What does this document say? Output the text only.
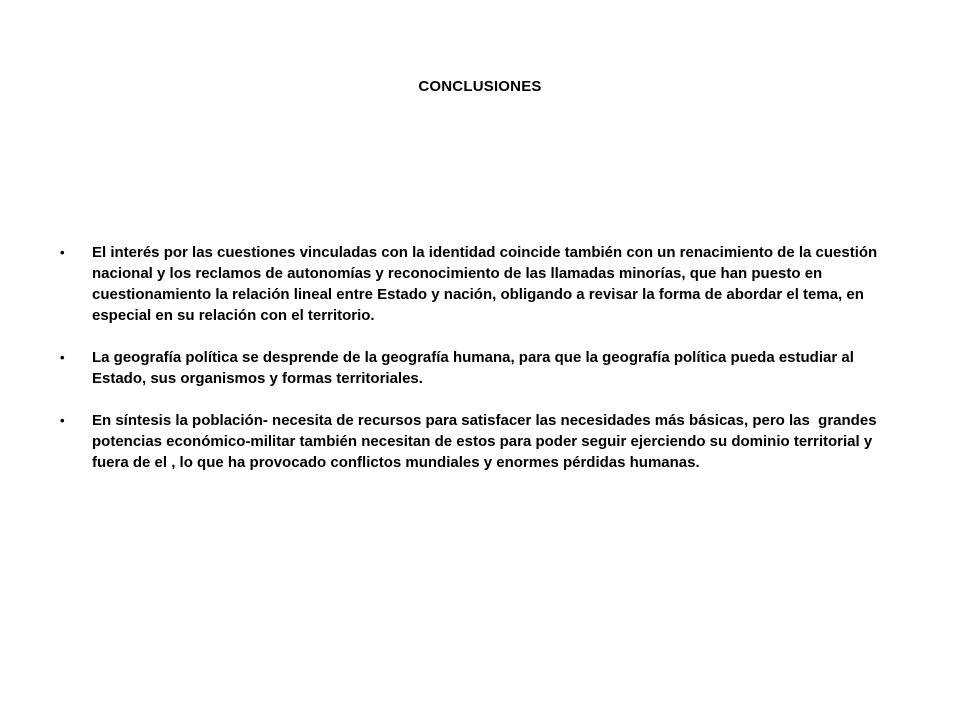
CONCLUSIONES
• El interés por las cuestiones vinculadas con la identidad coincide también con un renacimiento de la cuestión nacional y los reclamos de autonomías y reconocimiento de las llamadas minorías, que han puesto en cuestionamiento la relación lineal entre Estado y nación, obligando a revisar la forma de abordar el tema, en especial en su relación con el territorio.
• La geografía política se desprende de la geografía humana, para que la geografía política pueda estudiar al Estado, sus organismos y formas territoriales.
• En síntesis la población- necesita de recursos para satisfacer las necesidades más básicas, pero las  grandes potencias económico-militar también necesitan de estos para poder seguir ejerciendo su dominio territorial y fuera de el , lo que ha provocado conflictos mundiales y enormes pérdidas humanas.
